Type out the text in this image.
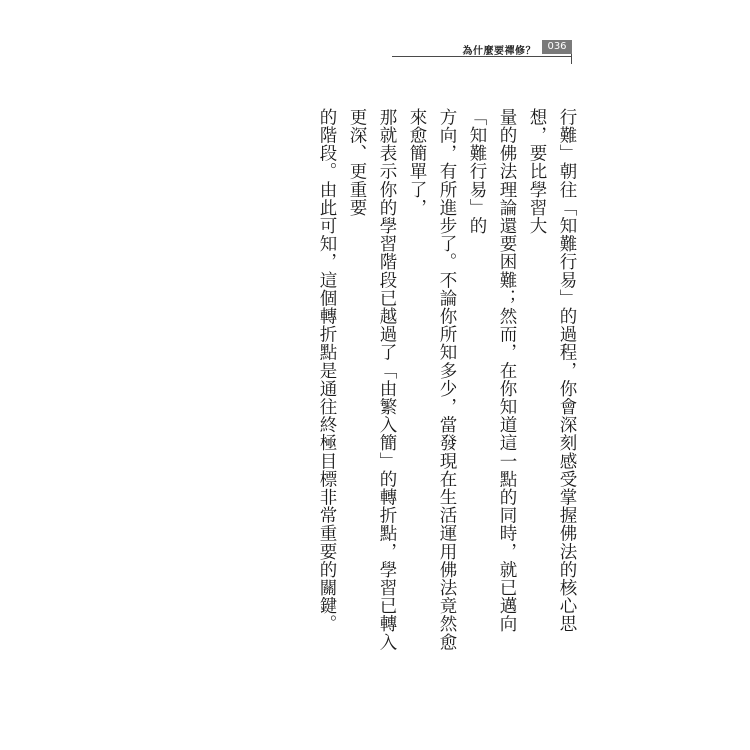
為什麼要禪修？	036
行難」朝往「知難行易」的過程，你會深刻感受掌握佛法的核心思想，要比學習大
量的佛法理論還要困難；然而，在你知道這一點的同時，就已邁向「知難行易」的
方向，有所進步了。不論你所知多少，當發現在生活運用佛法竟然愈來愈簡單了，
那就表示你的學習階段已越過了「由繁入簡」的轉折點，學習已轉入更深、更重要
的階段。由此可知，這個轉折點是通往終極目標非常重要的關鍵。
